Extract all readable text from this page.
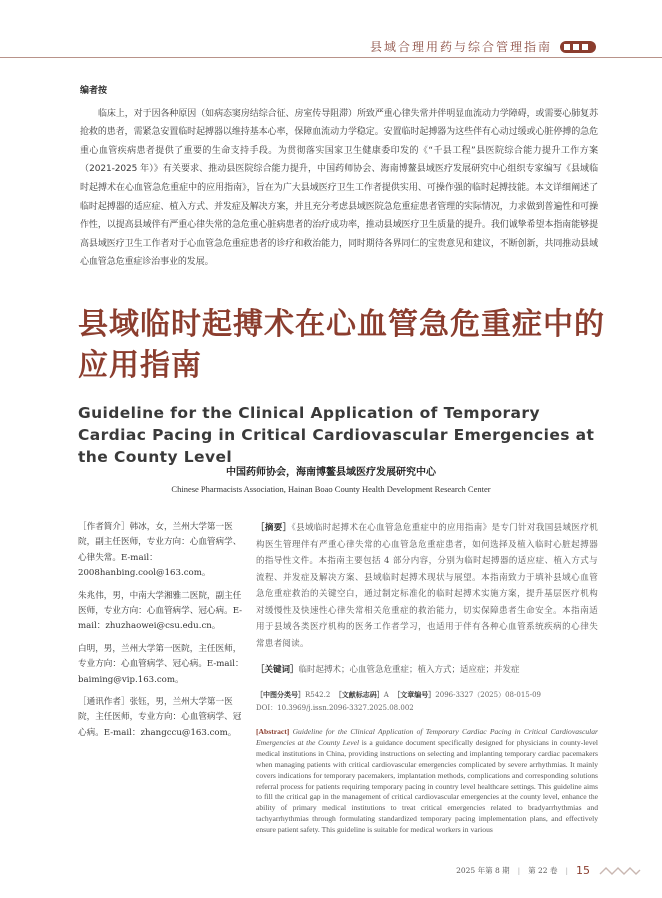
县域合理用药与综合管理指南
编者按

临床上，对于因各种原因（如病态窦房结综合征、房室传导阻滞）所致严重心律失常并伴明显血流动力学障碍，或需要心肺复苏抢救的患者，需紧急安置临时起搏器以维持基本心率，保障血流动力学稳定。安置临时起搏器为这些伴有心动过缓或心脏停搏的急危重心血管疾病患者提供了重要的生命支持手段。为贯彻落实国家卫生健康委印发的《“千县工程”县医院综合能力提升工作方案（2021-2025 年）》有关要求、推动县医院综合能力提升，中国药师协会、海南博鳌县域医疗发展研究中心组织专家编写《县域临时起搏术在心血管急危重症中的应用指南》，旨在为广大县域医疗卫生工作者提供实用、可操作强的临时起搏技能。本文详细阐述了临时起搏器的适应症、植入方式、并发症及解决方案，并且充分考虑县域医院急危重症患者管理的实际情况，力求做到普遍性和可操作性，以提高县域伴有严重心律失常的急危重心脏病患者的治疗成功率，推动县域医疗卫生质量的提升。我们诚挚希望本指南能够提高县域医疗卫生工作者对于心血管急危重症患者的诊疗和救治能力，同时期待各界同仁的宝贵意见和建议，不断创新，共同推动县域心血管急危重症诊治事业的发展。

县域临时起搏术在心血管急危重症中的应用指南
Guideline for the Clinical Application of Temporary Cardiac Pacing in Critical Cardiovascular Emergencies at the County Level
中国药师协会，海南博鳌县域医疗发展研究中心
Chinese Pharmacists Association, Hainan Boao County Health Development Research Center
［作者简介］韩冰，女，兰州大学第一医院，副主任医师，专业方向：心血管病学、心律失常。E-mail：2008hanbing.cool@163.com。
朱兆伟，男，中南大学湘雅二医院，副主任医师，专业方向：心血管病学、冠心病。E-mail：zhuzhaowei@csu.edu.cn。
白明，男，兰州大学第一医院，主任医师，专业方向：心血管病学、冠心病。E-mail：baiming@vip.163.com。
［通讯作者］张钰，男，兰州大学第一医院，主任医师，专业方向：心血管病学、冠心病。E-mail：zhangccu@163.com。
［摘要］《县域临时起搏术在心血管急危重症中的应用指南》是专门针对我国县域医疗机构医生管理伴有严重心律失常的心血管急危重症患者，如何选择及植入临时心脏起搏器的指导性文件。本指南主要包括 4 部分内容，分别为临时起搏器的适应症、植入方式与流程、并发症及解决方案、县域临时起搏术现状与展望。本指南致力于填补县域心血管急危重症救治的关键空白，通过制定标准化的临时起搏术实施方案，提升基层医疗机构对缓慢性及快速性心律失常相关危重症的救治能力，切实保障患者生命安全。本指南适用于县域各类医疗机构的医务工作者学习，也适用于伴有各种心血管系统疾病的心律失常患者阅读。
［关键词］临时起搏术；心血管急危重症；植入方式；适应症；并发症
［中图分类号］R542.2 ［文献标志码］A ［文章编号］2096-3327（2025）08-015-09
DOI：10.3969/j.issn.2096-3327.2025.08.002
[Abstract] Guideline for the Clinical Application of Temporary Cardiac Pacing in Critical Cardiovascular Emergencies at the County Level is a guidance document specifically designed for physicians in county-level medical institutions in China, providing instructions on selecting and implanting temporary cardiac pacemakers when managing patients with critical cardiovascular emergencies complicated by severe arrhythmias. It mainly covers indications for temporary pacemakers, implantation methods, complications and corresponding solutions referral process for patients requiring temporary pacing in country level healthcare settings. This guideline aims to fill the critical gap in the management of critical cardiovascular emergencies at the county level, enhance the ability of primary medical institutions to treat critical emergencies related to bradyarrhythmias and tachyarrhythmias through formulating standardized temporary pacing implementation plans, and effectively ensure patient safety. This guideline is suitable for medical workers in various
2025 年第 8 期 | 第 22 卷 | 15
